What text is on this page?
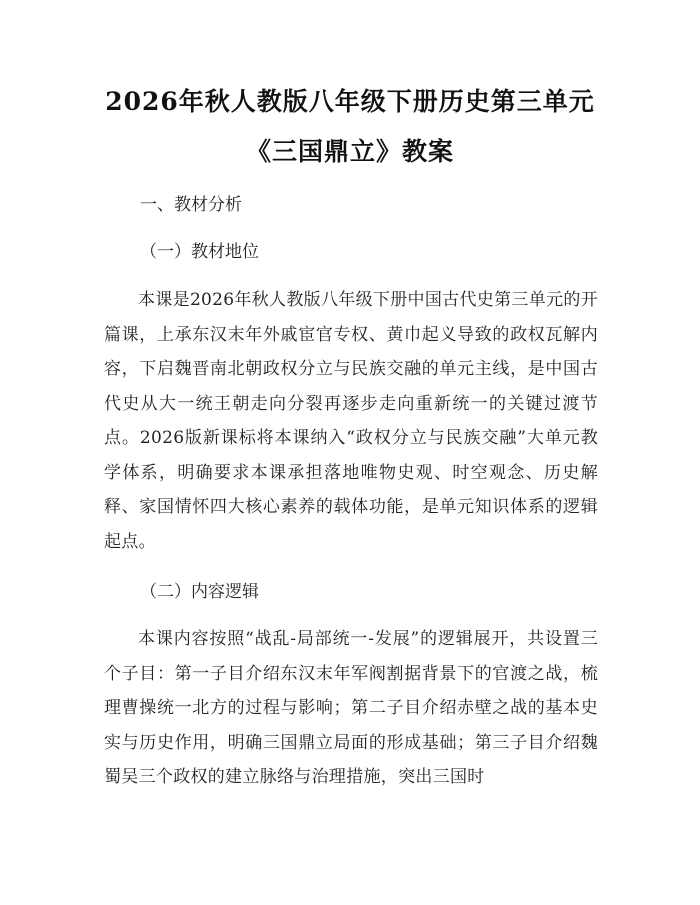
2026年秋人教版八年级下册历史第三单元
《三国鼎立》教案
一、教材分析
（一）教材地位

本课是2026年秋人教版八年级下册中国古代史第三单元的开篇课，上承东汉末年外戚宦官专权、黄巾起义导致的政权瓦解内容，下启魏晋南北朝政权分立与民族交融的单元主线，是中国古代史从大一统王朝走向分裂再逐步走向重新统一的关键过渡节点。2026版新课标将本课纳入“政权分立与民族交融”大单元教学体系，明确要求本课承担落地唯物史观、时空观念、历史解释、家国情怀四大核心素养的载体功能，是单元知识体系的逻辑起点。

（二）内容逻辑

本课内容按照“战乱-局部统一-发展”的逻辑展开，共设置三个子目：第一子目介绍东汉末年军阀割据背景下的官渡之战，梳理曹操统一北方的过程与影响；第二子目介绍赤壁之战的基本史实与历史作用，明确三国鼎立局面的形成基础；第三子目介绍魏蜀吴三个政权的建立脉络与治理措施，突出三国时
